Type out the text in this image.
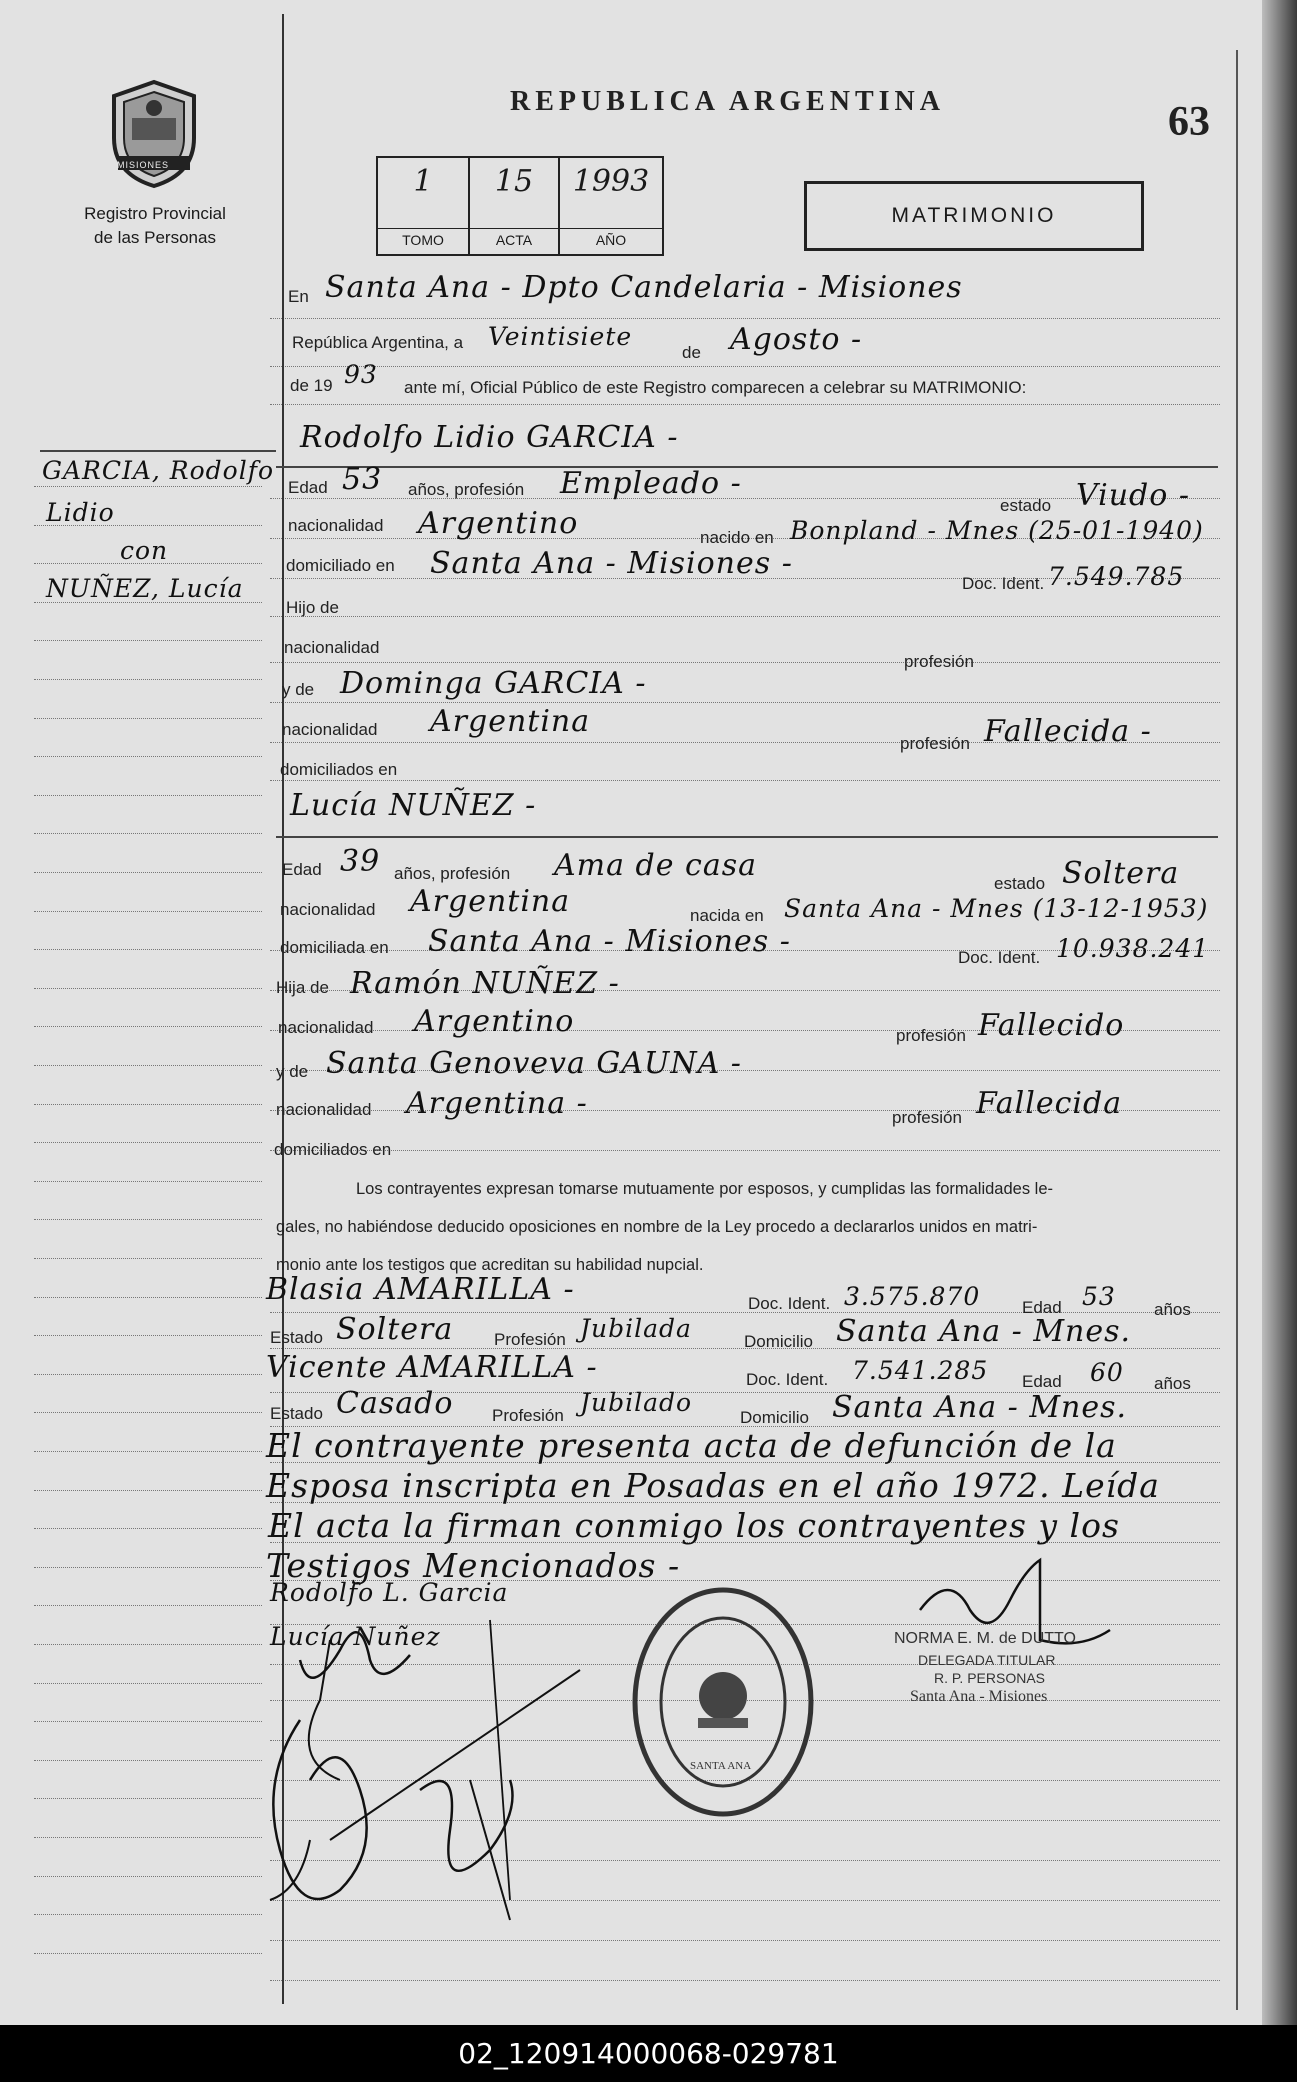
MISIONES
Registro Provincial
de las Personas
REPUBLICA ARGENTINA	63
1
TOMO
15
ACTA
1993
AÑO
MATRIMONIO
GARCIA, Rodolfo
Lidio
con
NUÑEZ, Lucía
En Santa Ana - Dpto Candelaria - Misiones
República Argentina, a Veintisiete
de Agosto -
de 19 93 ante mí, Oficial Público de este Registro comparecen a celebrar su MATRIMONIO:
Rodolfo Lidio GARCIA -
Edad 53 años, profesión Empleado -
estado Viudo -
nacionalidad Argentino	nacido en Bonpland - Mnes (25-01-1940)
domiciliado en Santa Ana - Misiones -
Doc. Ident. 7.549.785
Hijo de
nacionalidad
profesión
y de Dominga GARCIA -
nacionalidad Argentina
profesión Fallecida -
domiciliados en
Lucía NUÑEZ -
Edad 39 años, profesión Ama de casa
estado Soltera
nacionalidad Argentina	nacida en Santa Ana - Mnes (13-12-1953)
domiciliada en Santa Ana - Misiones -	Doc. Ident. 10.938.241
Hija de Ramón NUÑEZ -
nacionalidad Argentino	profesión Fallecido
y de Santa Genoveva GAUNA -
nacionalidad Argentina -	profesión Fallecida
domiciliados en
Los contrayentes expresan tomarse mutuamente por esposos, y cumplidas las formalidades le-
gales, no habiéndose deducido oposiciones en nombre de la Ley procedo a declararlos unidos en matri-
monio ante los testigos que acreditan su habilidad nupcial.
Blasia AMARILLA -	Doc. Ident. 3.575.870 Edad 53 años
Estado Soltera Profesión Jubilada	Domicilio Santa Ana - Mnes.
Vicente AMARILLA -	Doc. Ident. 7.541.285 Edad 60 años
Estado Casado Profesión Jubilado
Domicilio Santa Ana - Mnes.
El contrayente presenta acta de defunción de la
Esposa inscripta en Posadas en el año 1972. Leída
El acta la firman conmigo los contrayentes y los
Testigos Mencionados -
Rodolfo L. Garcia
Lucía Nuñez
SANTA ANA
NORMA E. M. de DUTTO
DELEGADA TITULAR
R. P. PERSONAS
Santa Ana - Misiones
02_120914000068-029781
